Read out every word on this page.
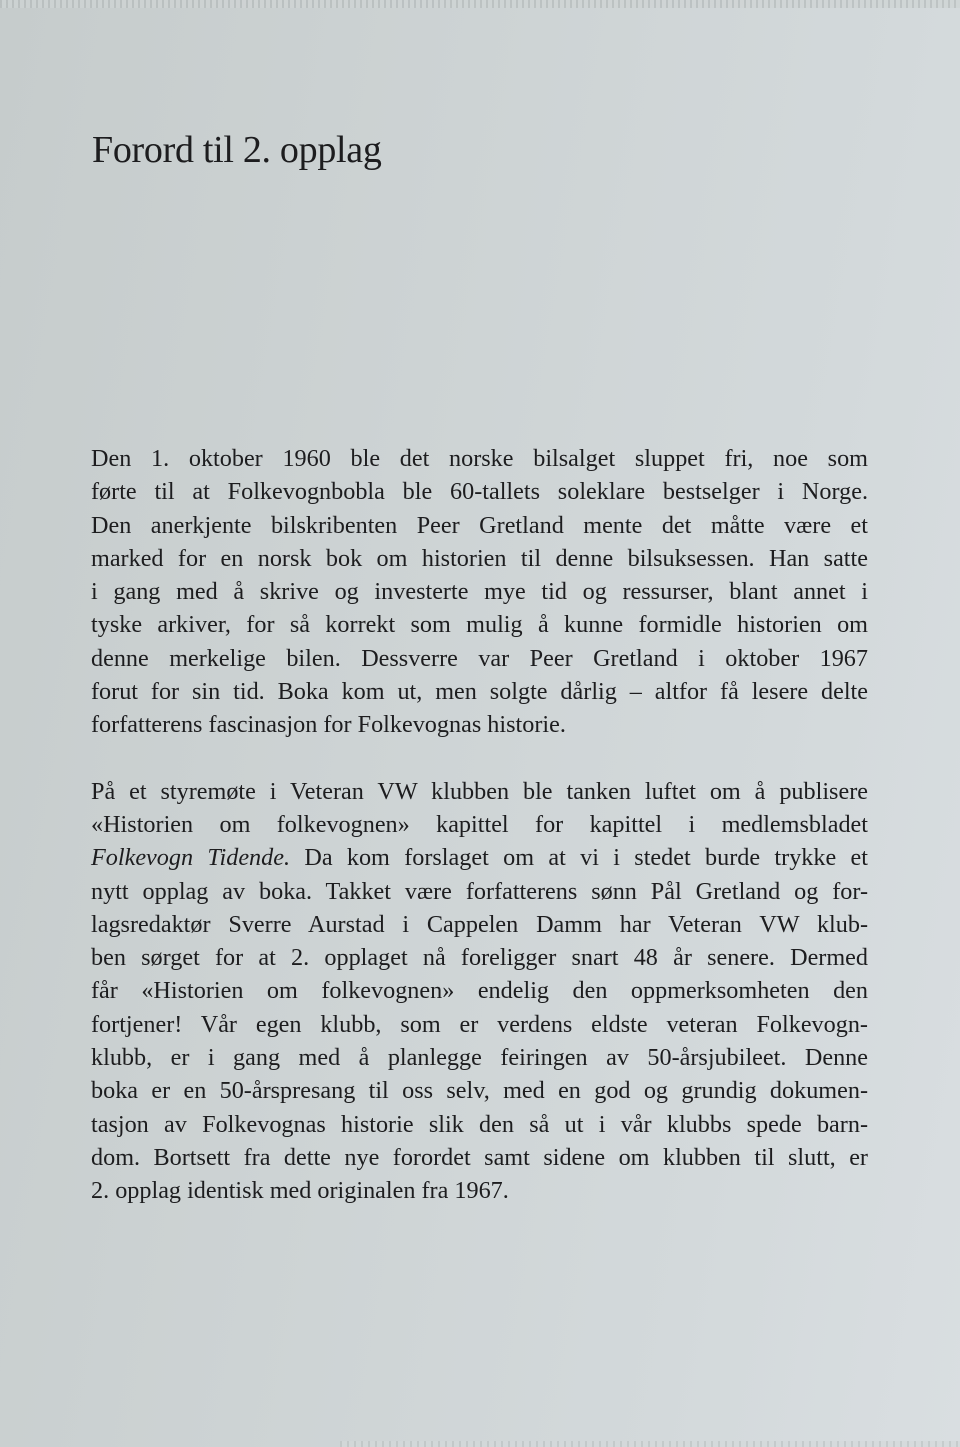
Forord til 2. opplag

Den 1. oktober 1960 ble det norske bilsalget sluppet fri, noe som
førte til at Folkevognbobla ble 60-tallets soleklare bestselger i Norge.
Den anerkjente bilskribenten Peer Gretland mente det måtte være et
marked for en norsk bok om historien til denne bilsuksessen. Han satte
i gang med å skrive og investerte mye tid og ressurser, blant annet i
tyske arkiver, for så korrekt som mulig å kunne formidle historien om
denne merkelige bilen. Dessverre var Peer Gretland i oktober 1967
forut for sin tid. Boka kom ut, men solgte dårlig – altfor få lesere delte
forfatterens fascinasjon for Folkevognas historie.

På et styremøte i Veteran VW klubben ble tanken luftet om å publisere
«Historien om folkevognen» kapittel for kapittel i medlemsbladet
Folkevogn Tidende. Da kom forslaget om at vi i stedet burde trykke et
nytt opplag av boka. Takket være forfatterens sønn Pål Gretland og for-
lagsredaktør Sverre Aurstad i Cappelen Damm har Veteran VW klub-
ben sørget for at 2. opplaget nå foreligger snart 48 år senere. Dermed
får «Historien om folkevognen» endelig den oppmerksomheten den
fortjener! Vår egen klubb, som er verdens eldste veteran Folkevogn-
klubb, er i gang med å planlegge feiringen av 50-årsjubileet. Denne
boka er en 50-årspresang til oss selv, med en god og grundig dokumen-
tasjon av Folkevognas historie slik den så ut i vår klubbs spede barn-
dom. Bortsett fra dette nye forordet samt sidene om klubben til slutt, er
2. opplag identisk med originalen fra 1967.
